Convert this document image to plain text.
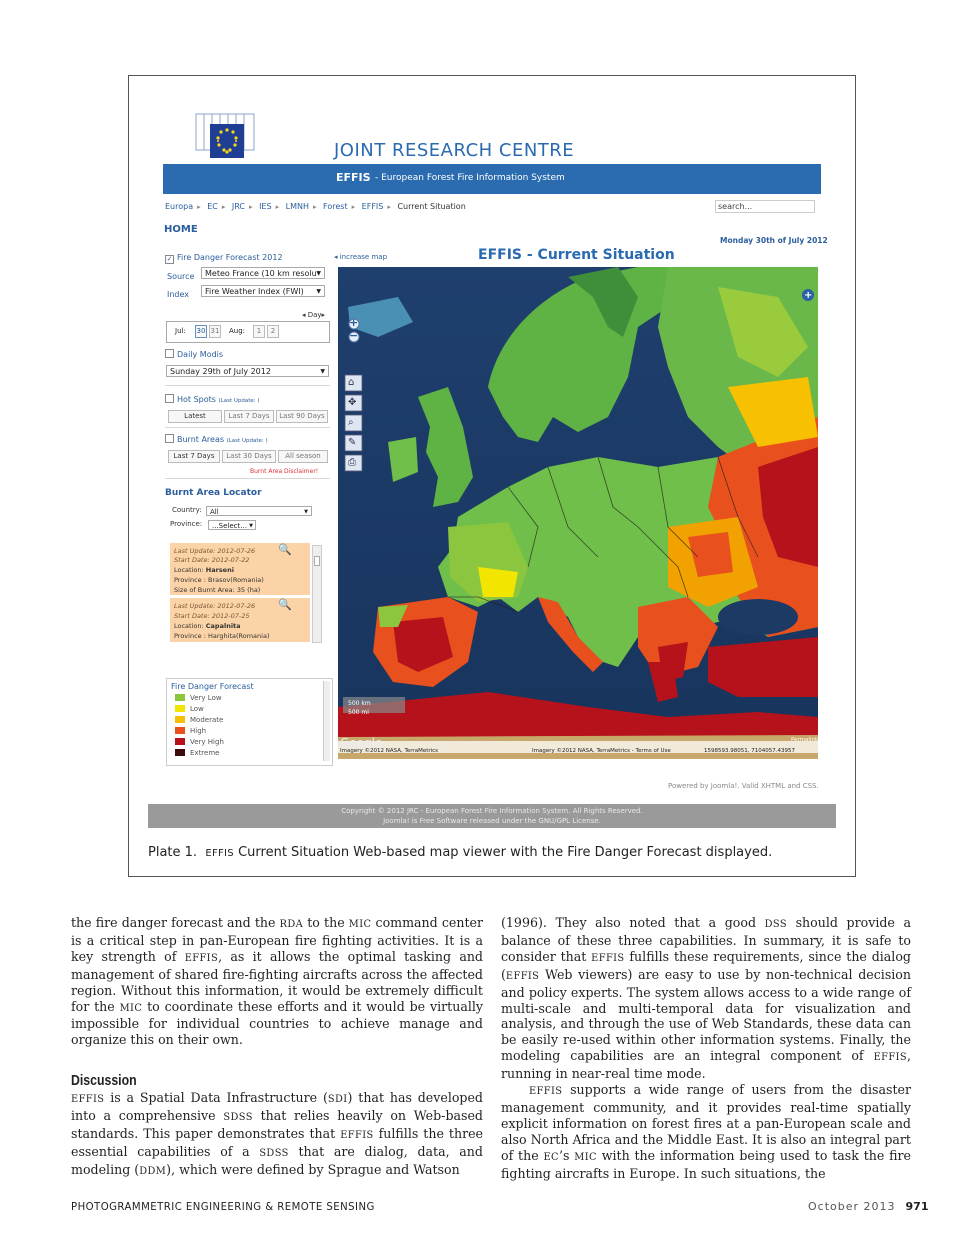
JOINT RESEARCH CENTRE
EFFIS - European Forest Fire Information System
Europa ▸ EC ▸ JRC ▸ IES ▸ LMNH ▸ Forest ▸ EFFIS ▸ Current Situation	search...
HOME
Monday 30th of July 2012
◂ increase map	EFFIS - Current Situation
✓ Fire Danger Forecast 2012
Source	Meteo France (10 km resolu ▼
Index	Fire Weather Index (FWI) ▼
◂ Day▸
Jul: 30 31 Aug:	1	2
Daily Modis
Sunday 29th of July 2012	▼
Hot Spots (Last Update: )
Latest	Last 7 Days	Last 90 Days
Burnt Areas (Last Update: )
Last 7 Days	Last 30 Days	All season
Burnt Area Disclaimer!
Burnt Area Locator
Country:	All	▼
Province:	...Select... ▼
Last Update: 2012-07-26
Start Date: 2012-07-22
Location: Harseni
Province : Brasov(Romania)
Size of Burnt Area: 35 (ha)
🔍
Last Update: 2012-07-26
Start Date: 2012-07-25
Location: Capalnita
Province : Harghita(Romania)
🔍
Fire Danger Forecast
Very Low
Low
Moderate
High
Very High
Extreme
+
−
⌂
✥
⌕
✎
⎙
+
500 km
500 mi
Google
Imagery ©2012 NASA, TerraMetrics	Imagery ©2012 NASA, TerraMetrics - Terms of Use	1598593.98051, 7104057.43957
Permalink
Powered by Joomla!. Valid XHTML and CSS.
Copyright © 2012 JRC - European Forest Fire Information System. All Rights Reserved.
Joomla! is Free Software released under the GNU/GPL License.
Plate 1. EFFIS Current Situation Web-based map viewer with the Fire Danger Forecast displayed.

the fire danger forecast and the RDA to the MIC command center is a critical step in pan-European fire fighting activities. It is a key strength of EFFIS, as it allows the optimal tasking and management of shared fire-fighting aircrafts across the affected region. Without this information, it would be extremely difficult for the MIC to coordinate these efforts and it would be virtually impossible for individual countries to achieve manage and organize this on their own.

Discussion

EFFIS is a Spatial Data Infrastructure (SDI) that has developed into a comprehensive SDSS that relies heavily on Web-based standards. This paper demonstrates that EFFIS fulfills the three essential capabilities of a SDSS that are dialog, data, and modeling (DDM), which were defined by Sprague and Watson

(1996). They also noted that a good DSS should provide a balance of these three capabilities. In summary, it is safe to consider that EFFIS fulfills these requirements, since the dialog (EFFIS Web viewers) are easy to use by non-technical decision and policy experts. The system allows access to a wide range of multi-scale and multi-temporal data for visualization and analysis, and through the use of Web Standards, these data can be easily re-used within other information systems. Finally, the modeling capabilities are an integral component of EFFIS, running in near-real time mode.

EFFIS supports a wide range of users from the disaster management community, and it provides real-time spatially explicit information on forest fires at a pan-European scale and also North Africa and the Middle East. It is also an integral part of the EC’s MIC with the information being used to task the fire fighting aircrafts in Europe. In such situations, the

PHOTOGRAMMETRIC ENGINEERING & REMOTE SENSING	October 2013 971
